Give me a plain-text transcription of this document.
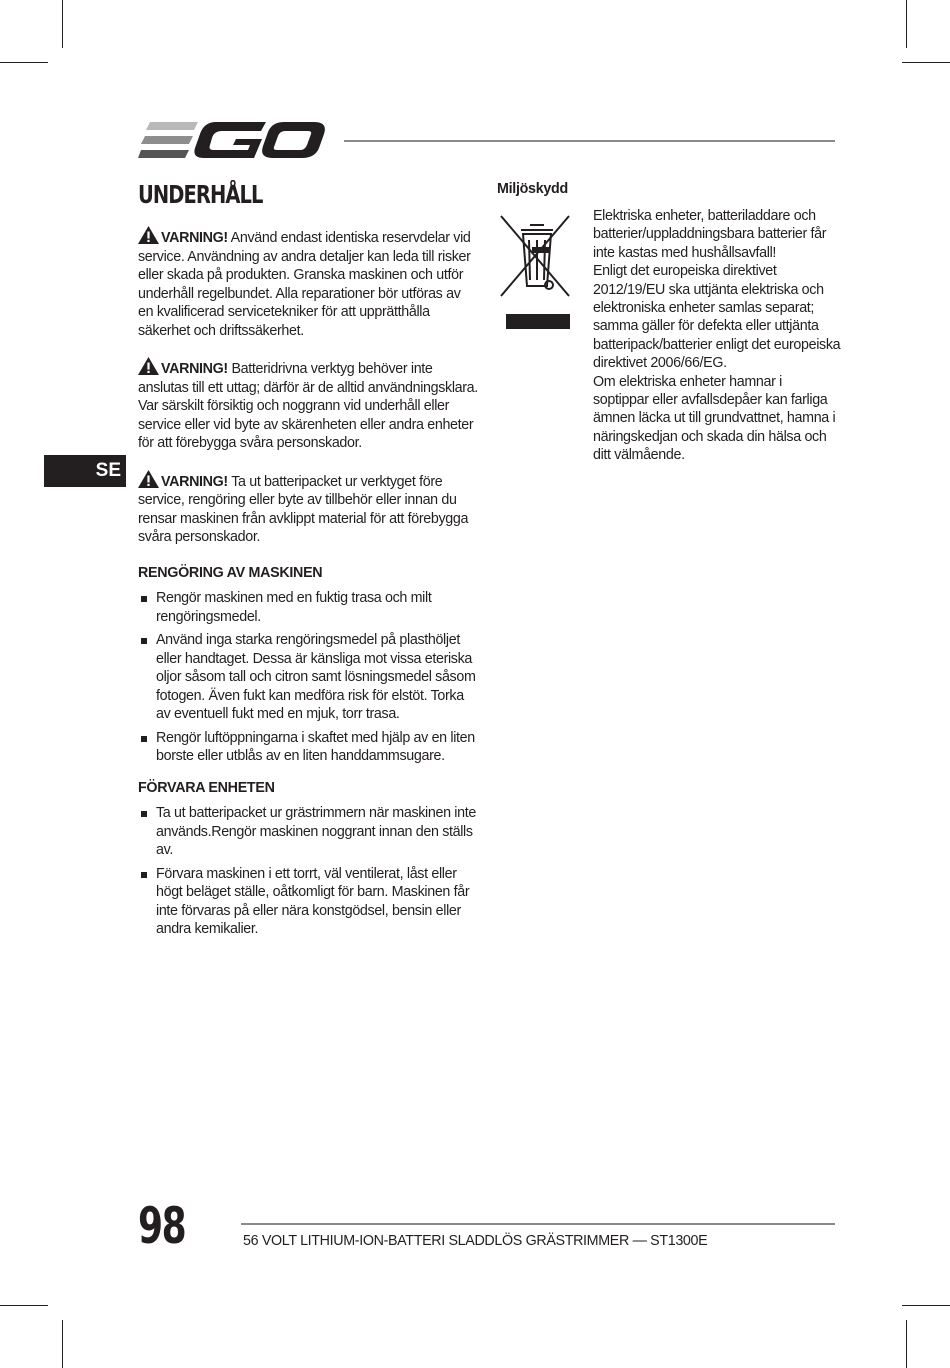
UNDERHÅLL
SE

VARNING! Använd endast identiska reservdelar vid service. Användning av andra detaljer kan leda till risker eller skada på produkten. Granska maskinen och utför underhåll regelbundet. Alla reparationer bör utföras av en kvalificerad servicetekniker för att upprätthålla säkerhet och driftssäkerhet.

VARNING! Batteridrivna verktyg behöver inte anslutas till ett uttag; därför är de alltid användningsklara. Var särskilt försiktig och noggrann vid underhåll eller service eller vid byte av skärenheten eller andra enheter för att förebygga svåra personskador.

VARNING! Ta ut batteripacket ur verktyget före service, rengöring eller byte av tillbehör eller innan du rensar maskinen från avklippt material för att förebygga svåra personskador.

RENGÖRING AV MASKINEN
Rengör maskinen med en fuktig trasa och milt rengöringsmedel.
Använd inga starka rengöringsmedel på plasthöljet eller handtaget. Dessa är känsliga mot vissa eteriska oljor såsom tall och citron samt lösningsmedel såsom fotogen. Även fukt kan medföra risk för elstöt. Torka av eventuell fukt med en mjuk, torr trasa.
Rengör luftöppningarna i skaftet med hjälp av en liten borste eller utblås av en liten handdammsugare.
FÖRVARA ENHETEN
Ta ut batteripacket ur grästrimmern när maskinen inte används.Rengör maskinen noggrant innan den ställs av.
Förvara maskinen i ett torrt, väl ventilerat, låst eller högt beläget ställe, oåtkomligt för barn. Maskinen får inte förvaras på eller nära konstgödsel, bensin eller andra kemikalier.
Miljöskydd

Elektriska enheter, batteriladdare och batterier/uppladdningsbara batterier får inte kastas med hushållsavfall!

Enligt det europeiska direktivet 2012/19/EU ska uttjänta elektriska och elektroniska enheter samlas separat; samma gäller för defekta eller uttjänta batteripack/batterier enligt det europeiska direktivet 2006/66/EG.

Om elektriska enheter hamnar i soptippar eller avfallsdepåer kan farliga ämnen läcka ut till grundvattnet, hamna i näringskedjan och skada din hälsa och ditt välmående.

98	56 VOLT LITHIUM-ION-BATTERI SLADDLÖS GRÄSTRIMMER — ST1300E
